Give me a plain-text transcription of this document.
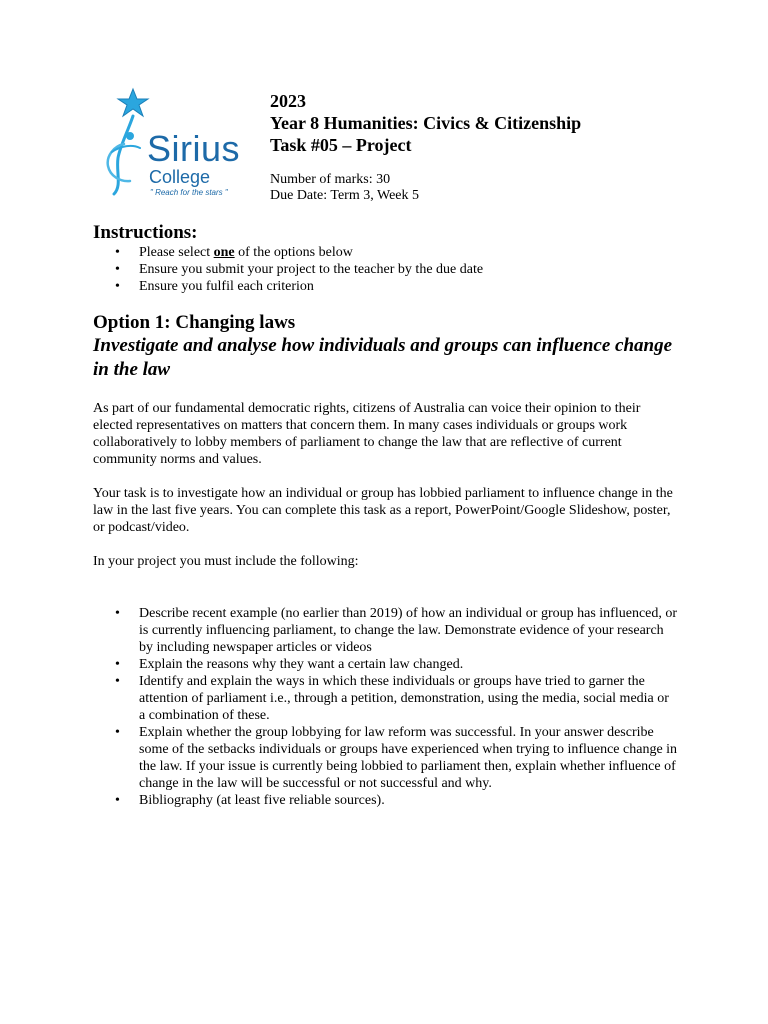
Sirius
College
" Reach for the stars "
2023
Year 8 Humanities: Civics & Citizenship
Task #05 – Project
Number of marks: 30
Due Date: Term 3, Week 5
Instructions:
• Please select one of the options below
• Ensure you submit your project to the teacher by the due date
• Ensure you fulfil each criterion
Option 1: Changing laws
Investigate and analyse how individuals and groups can influence change in the law

As part of our fundamental democratic rights, citizens of Australia can voice their opinion to their elected representatives on matters that concern them. In many cases individuals or groups work collaboratively to lobby members of parliament to change the law that are reflective of current community norms and values.

Your task is to investigate how an individual or group has lobbied parliament to influence change in the law in the last five years. You can complete this task as a report, PowerPoint/Google Slideshow, poster, or podcast/video.

In your project you must include the following:

• Describe recent example (no earlier than 2019) of how an individual or group has influenced, or is currently influencing parliament, to change the law. Demonstrate evidence of your research by including newspaper articles or videos
• Explain the reasons why they want a certain law changed.
• Identify and explain the ways in which these individuals or groups have tried to garner the attention of parliament i.e., through a petition, demonstration, using the media, social media or a combination of these.
• Explain whether the group lobbying for law reform was successful. In your answer describe some of the setbacks individuals or groups have experienced when trying to influence change in the law. If your issue is currently being lobbied to parliament then, explain whether influence of change in the law will be successful or not successful and why.
• Bibliography (at least five reliable sources).
